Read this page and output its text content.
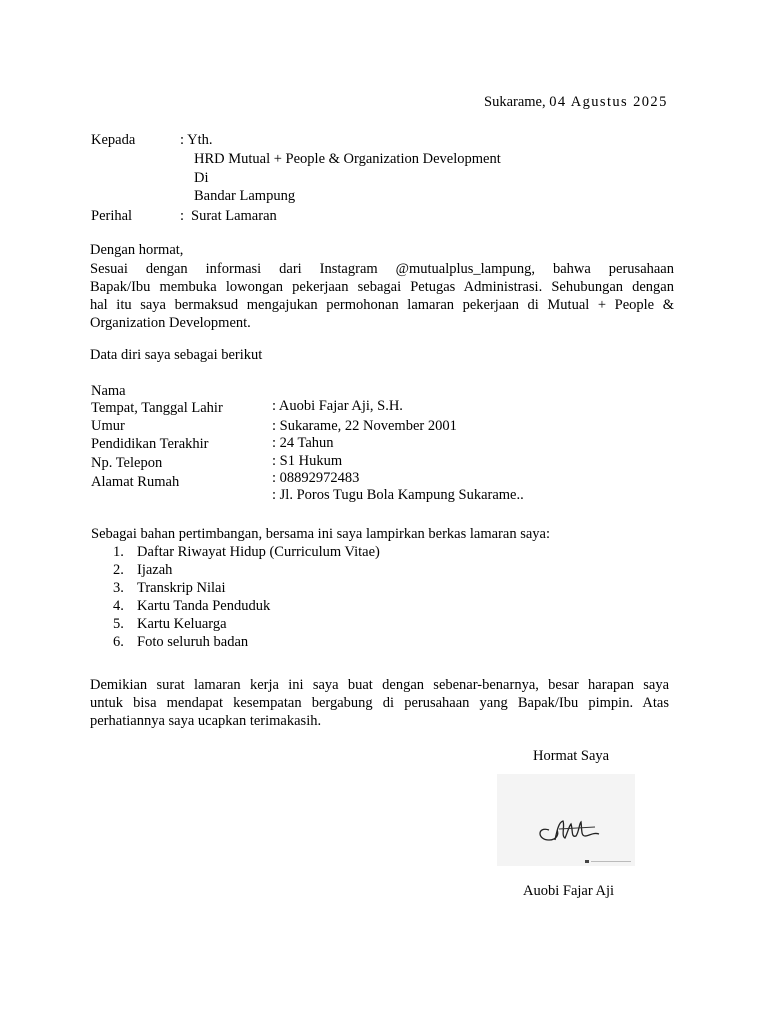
Sukarame, 04 Agustus 2025
Kepada	: Yth.
HRD Mutual + People & Organization Development
Di
Bandar Lampung
Perihal	: Surat Lamaran
Dengan hormat,
Sesuai dengan informasi dari Instagram @mutualplus_lampung, bahwa perusahaan
Bapak/Ibu membuka lowongan pekerjaan sebagai Petugas Administrasi. Sehubungan dengan
hal itu saya bermaksud mengajukan permohonan lamaran pekerjaan di Mutual + People &
Organization Development.
Data diri saya sebagai berikut
Nama
Tempat, Tanggal Lahir
Umur
Pendidikan Terakhir
Np. Telepon
Alamat Rumah
: Auobi Fajar Aji, S.H.
: Sukarame, 22 November 2001
: 24 Tahun
: S1 Hukum
: 08892972483
: Jl. Poros Tugu Bola Kampung Sukarame..
Sebagai bahan pertimbangan, bersama ini saya lampirkan berkas lamaran saya:
1. Daftar Riwayat Hidup (Curriculum Vitae)
2. Ijazah
3. Transkrip Nilai
4. Kartu Tanda Penduduk
5. Kartu Keluarga
6. Foto seluruh badan
Demikian surat lamaran kerja ini saya buat dengan sebenar-benarnya, besar harapan saya
untuk bisa mendapat kesempatan bergabung di perusahaan yang Bapak/Ibu pimpin. Atas
perhatiannya saya ucapkan terimakasih.
Hormat Saya
Auobi Fajar Aji
